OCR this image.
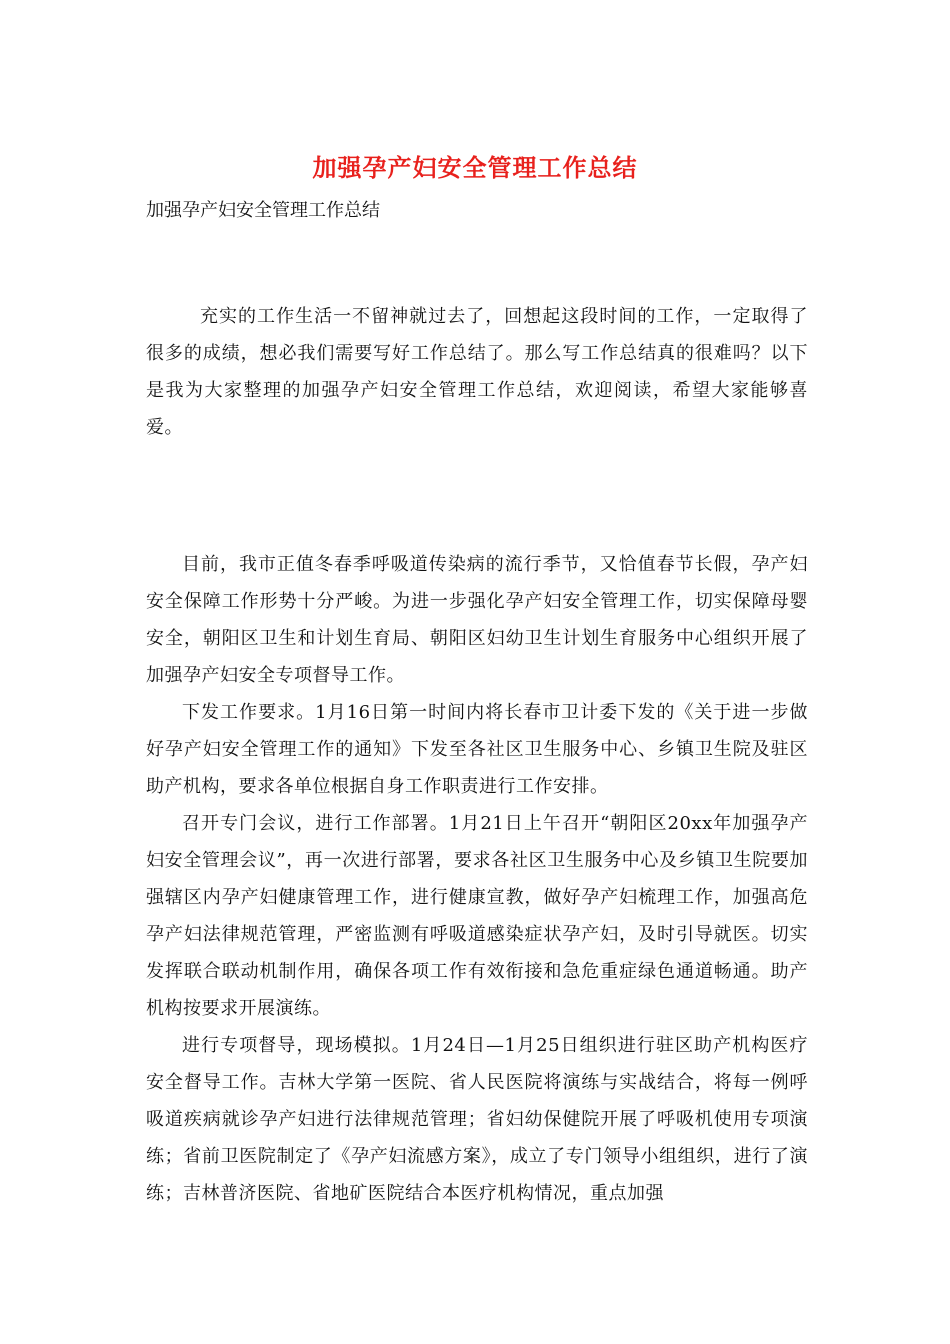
加强孕产妇安全管理工作总结
加强孕产妇安全管理工作总结

充实的工作生活一不留神就过去了，回想起这段时间的工作，一定取得了很多的成绩，想必我们需要写好工作总结了。那么写工作总结真的很难吗？以下是我为大家整理的加强孕产妇安全管理工作总结，欢迎阅读，希望大家能够喜爱。

目前，我市正值冬春季呼吸道传染病的流行季节，又恰值春节长假，孕产妇安全保障工作形势十分严峻。为进一步强化孕产妇安全管理工作，切实保障母婴安全，朝阳区卫生和计划生育局、朝阳区妇幼卫生计划生育服务中心组织开展了加强孕产妇安全专项督导工作。

下发工作要求。1月16日第一时间内将长春市卫计委下发的《关于进一步做好孕产妇安全管理工作的通知》下发至各社区卫生服务中心、乡镇卫生院及驻区助产机构，要求各单位根据自身工作职责进行工作安排。

召开专门会议，进行工作部署。1月21日上午召开“朝阳区20xx年加强孕产妇安全管理会议”，再一次进行部署，要求各社区卫生服务中心及乡镇卫生院要加强辖区内孕产妇健康管理工作，进行健康宣教，做好孕产妇梳理工作，加强高危孕产妇法律规范管理，严密监测有呼吸道感染症状孕产妇，及时引导就医。切实发挥联合联动机制作用，确保各项工作有效衔接和急危重症绿色通道畅通。助产机构按要求开展演练。

进行专项督导，现场模拟。1月24日—1月25日组织进行驻区助产机构医疗安全督导工作。吉林大学第一医院、省人民医院将演练与实战结合，将每一例呼吸道疾病就诊孕产妇进行法律规范管理；省妇幼保健院开展了呼吸机使用专项演练；省前卫医院制定了《孕产妇流感方案》，成立了专门领导小组组织，进行了演练；吉林普济医院、省地矿医院结合本医疗机构情况，重点加强
